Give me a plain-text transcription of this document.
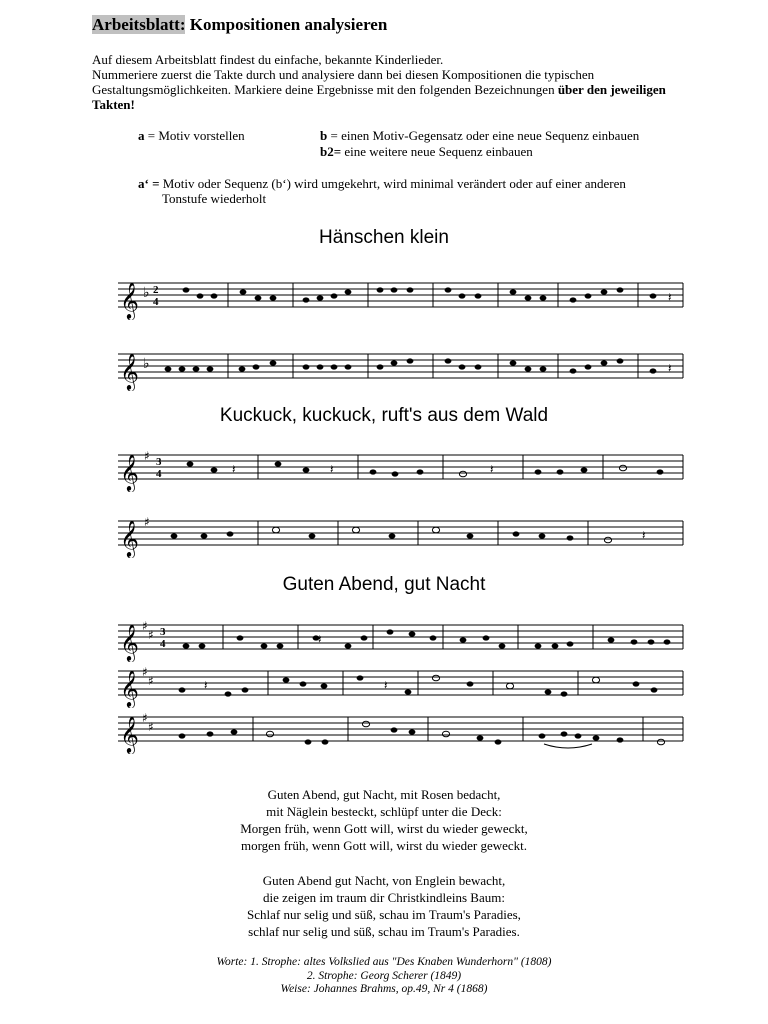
Arbeitsblatt: Kompositionen analysieren
Auf diesem Arbeitsblatt findest du einfache, bekannte Kinderlieder.
Nummeriere zuerst die Takte durch und analysiere dann bei diesen Kompositionen die typischen
Gestaltungsmöglichkeiten. Markiere deine Ergebnisse mit den folgenden Bezeichnungen über den jeweiligen
Takten!
a = Motiv vorstellen	b = einen Motiv-Gegensatz oder eine neue Sequenz einbauen
b2= eine weitere neue Sequenz einbauen
a‘ = Motiv oder Sequenz (b‘) wird umgekehrt, wird minimal verändert oder auf einer anderen
Tonstufe wiederholt
Hänschen klein
𝄞 ♭ 2
4	𝄽
𝄞 ♭	𝄽
Kuckuck, kuckuck, ruft's aus dem Wald
𝄞 ♯ 3
4	𝄽	𝄽	𝄽
𝄞 ♯
𝄽
Guten Abend, gut Nacht
𝄞 ♯
♯ 3
4	𝄽
𝄞 ♯
♯	𝄽	𝄽
𝄞 ♯
♯
Guten Abend, gut Nacht, mit Rosen bedacht,
mit Näglein besteckt, schlüpf unter die Deck:
Morgen früh, wenn Gott will, wirst du wieder geweckt,
morgen früh, wenn Gott will, wirst du wieder geweckt.
Guten Abend gut Nacht, von Englein bewacht,
die zeigen im traum dir Christkindleins Baum:
Schlaf nur selig und süß, schau im Traum's Paradies,
schlaf nur selig und süß, schau im Traum's Paradies.
Worte: 1. Strophe: altes Volkslied aus "Des Knaben Wunderhorn" (1808)
2. Strophe: Georg Scherer (1849)
Weise: Johannes Brahms, op.49, Nr 4 (1868)
